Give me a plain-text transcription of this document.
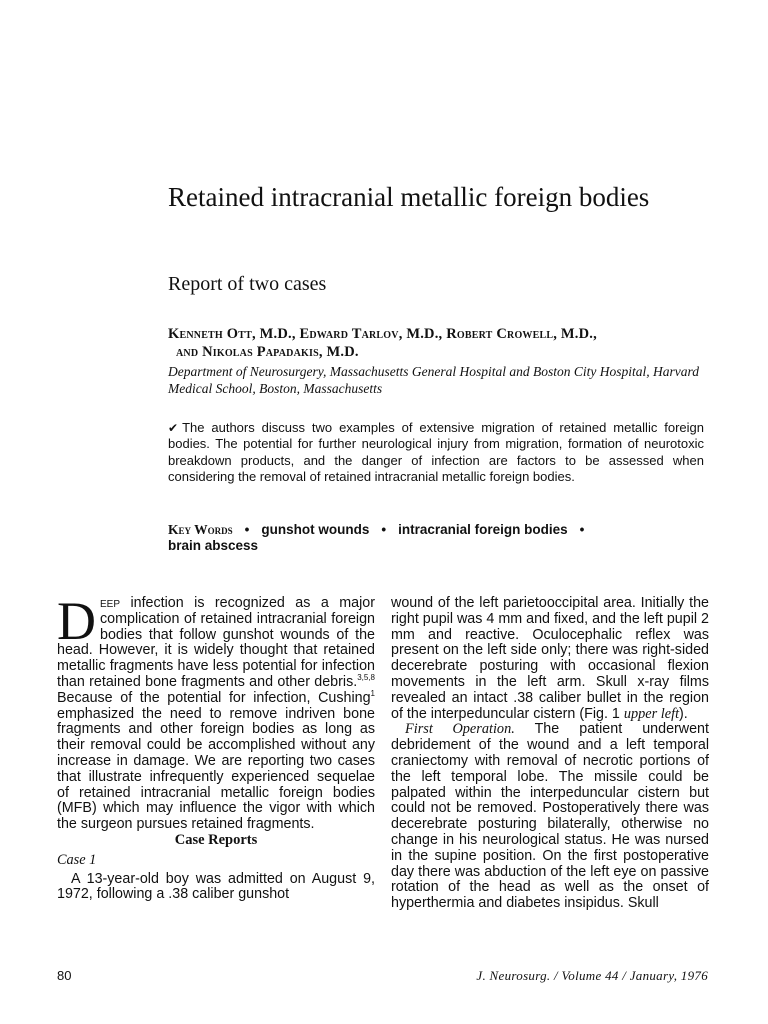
Retained intracranial metallic foreign bodies
Report of two cases
Kenneth Ott, M.D., Edward Tarlov, M.D., Robert Crowell, M.D.,
and Nikolas Papadakis, M.D.
Department of Neurosurgery, Massachusetts General Hospital and Boston City Hospital, Harvard Medical School, Boston, Massachusetts
✔ The authors discuss two examples of extensive migration of retained metallic foreign bodies. The potential for further neurological injury from migration, formation of neurotoxic breakdown products, and the danger of infection are factors to be assessed when considering the removal of retained intracranial metallic foreign bodies.
Key Words • gunshot wounds • intracranial foreign bodies •
brain abscess

Deep infection is recognized as a major complication of retained intracranial foreign bodies that follow gunshot wounds of the head. However, it is widely thought that retained metallic fragments have less potential for infection than retained bone fragments and other debris.$^{3,5,8}$ Because of the potential for infection, Cushing$^1$ emphasized the need to remove indriven bone fragments and other foreign bodies as long as their removal could be accomplished without any increase in damage. We are reporting two cases that illustrate infrequently experienced sequelae of retained intracranial metallic foreign bodies (MFB) which may influence the vigor with which the surgeon pursues retained fragments.

Case Reports

Case 1

A 13-year-old boy was admitted on August 9, 1972, following a .38 caliber gunshot

wound of the left parietooccipital area. Initially the right pupil was 4 mm and fixed, and the left pupil 2 mm and reactive. Oculocephalic reflex was present on the left side only; there was right-sided decerebrate posturing with occasional flexion movements in the left arm. Skull x-ray films revealed an intact .38 caliber bullet in the region of the interpeduncular cistern (Fig. 1 upper left).

First Operation. The patient underwent debridement of the wound and a left temporal craniectomy with removal of necrotic portions of the left temporal lobe. The missile could be palpated within the interpeduncular cistern but could not be removed. Postoperatively there was decerebrate posturing bilaterally, otherwise no change in his neurological status. He was nursed in the supine position. On the first postoperative day there was abduction of the left eye on passive rotation of the head as well as the onset of hyperthermia and diabetes insipidus. Skull

80	J. Neurosurg. / Volume 44 / January, 1976
